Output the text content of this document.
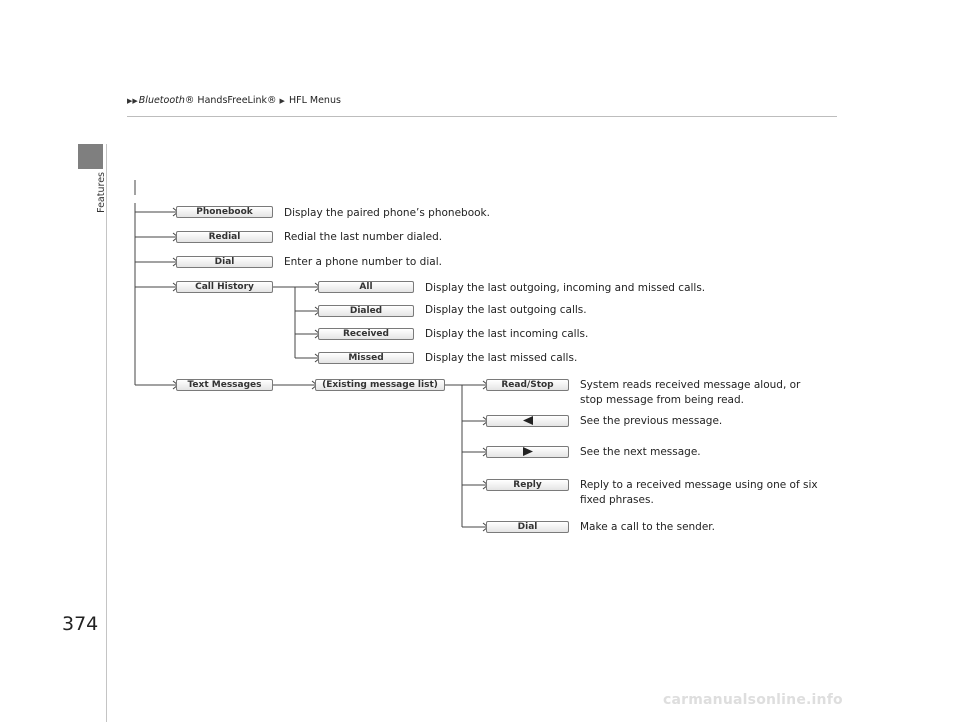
▶▶Bluetooth® HandsFreeLink® ▶ HFL Menus
Features
374
Phonebook	Display the paired phone’s phonebook.
Redial	Redial the last number dialed.
Dial	Enter a phone number to dial.
Call History	All	Display the last outgoing, incoming and missed calls.
Dialed	Display the last outgoing calls.
Received	Display the last incoming calls.
Missed	Display the last missed calls.
Text Messages	(Existing message list)	Read/Stop	System reads received message aloud, or
stop message from being read.
See the previous message.
See the next message.
Reply	Reply to a received message using one of six
fixed phrases.
Dial	Make a call to the sender.
carmanualsonline.info
